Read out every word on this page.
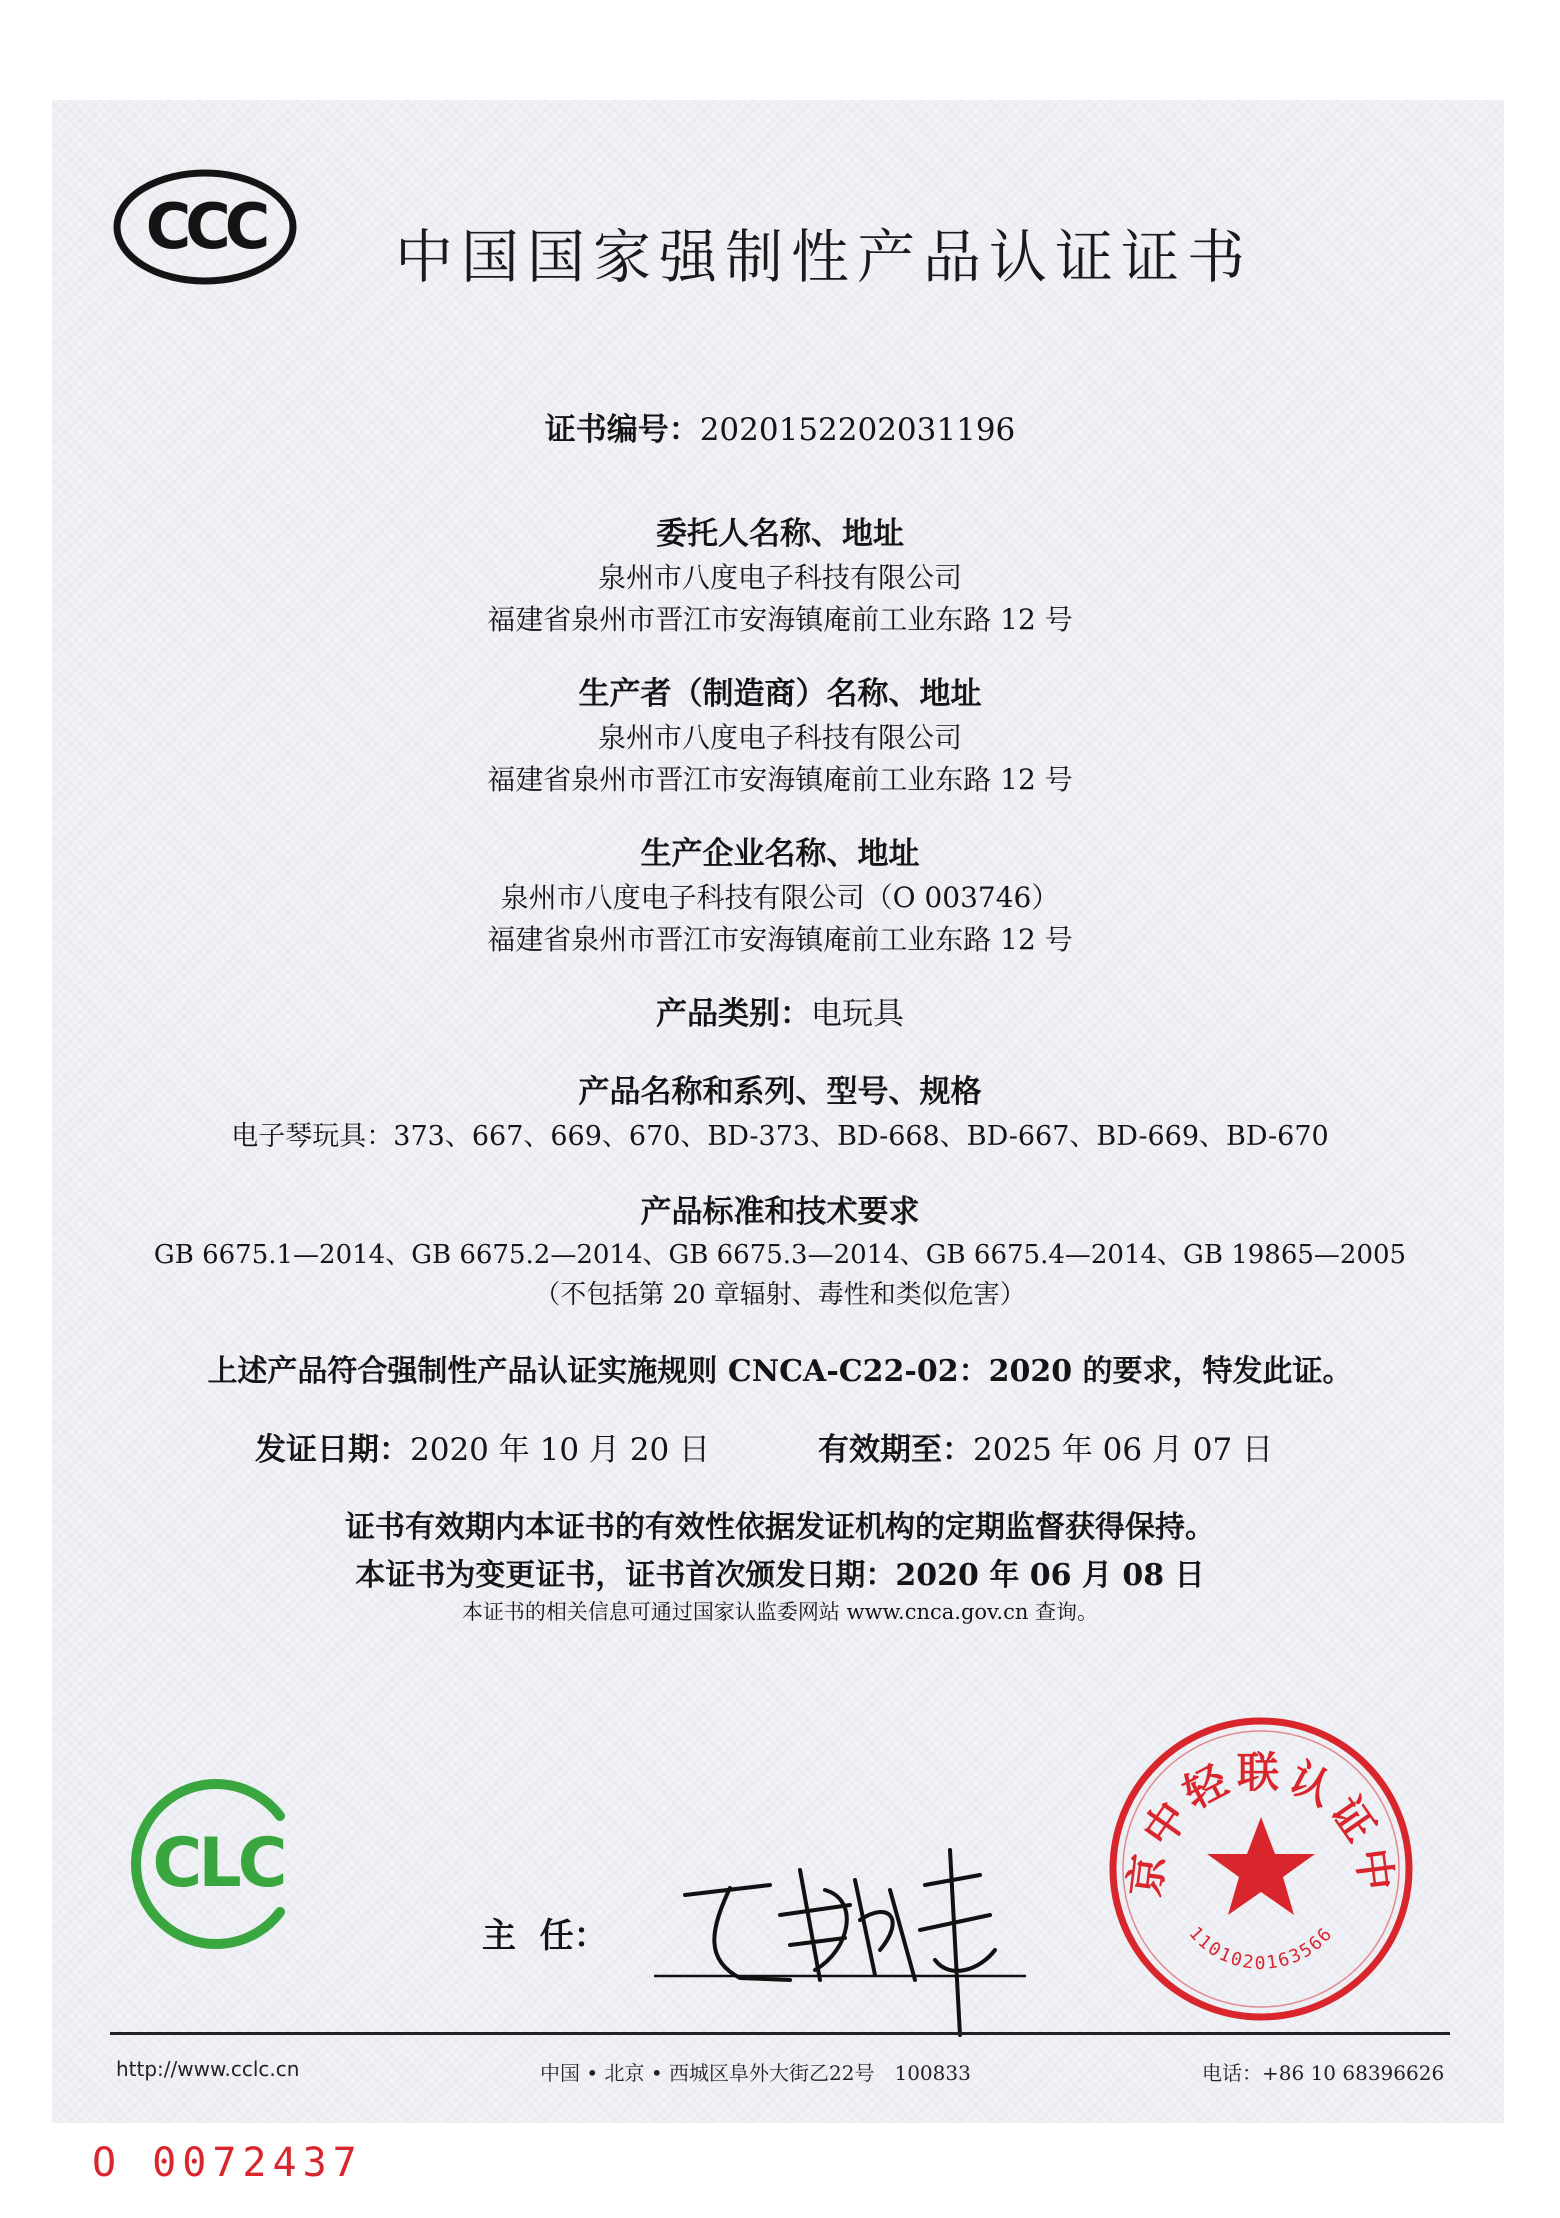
CCC 中国国家强制性产品认证证书
证书编号：2020152202031196
委托人名称、地址
泉州市八度电子科技有限公司
福建省泉州市晋江市安海镇庵前工业东路 12 号
生产者（制造商）名称、地址
泉州市八度电子科技有限公司
福建省泉州市晋江市安海镇庵前工业东路 12 号
生产企业名称、地址
泉州市八度电子科技有限公司（O 003746）
福建省泉州市晋江市安海镇庵前工业东路 12 号
产品类别：电玩具
产品名称和系列、型号、规格
电子琴玩具：373、667、669、670、BD-373、BD-668、BD-667、BD-669、BD-670
产品标准和技术要求
GB 6675.1—2014、GB 6675.2—2014、GB 6675.3—2014、GB 6675.4—2014、GB 19865—2005
（不包括第 20 章辐射、毒性和类似危害）
上述产品符合强制性产品认证实施规则 CNCA-C22-02：2020 的要求，特发此证。
发证日期：2020 年 10 月 20 日	有效期至：2025 年 06 月 07 日
证书有效期内本证书的有效性依据发证机构的定期监督获得保持。
本证书为变更证书，证书首次颁发日期：2020 年 06 月 08 日
本证书的相关信息可通过国家认监委网站 www.cnca.gov.cn 查询。
CLC
主  任：
京中轻联认证中
1101020163566
http://www.cclc.cn	中国 • 北京 • 西城区阜外大街乙22号　100833	电话：+86 10 68396626
O 0072437
